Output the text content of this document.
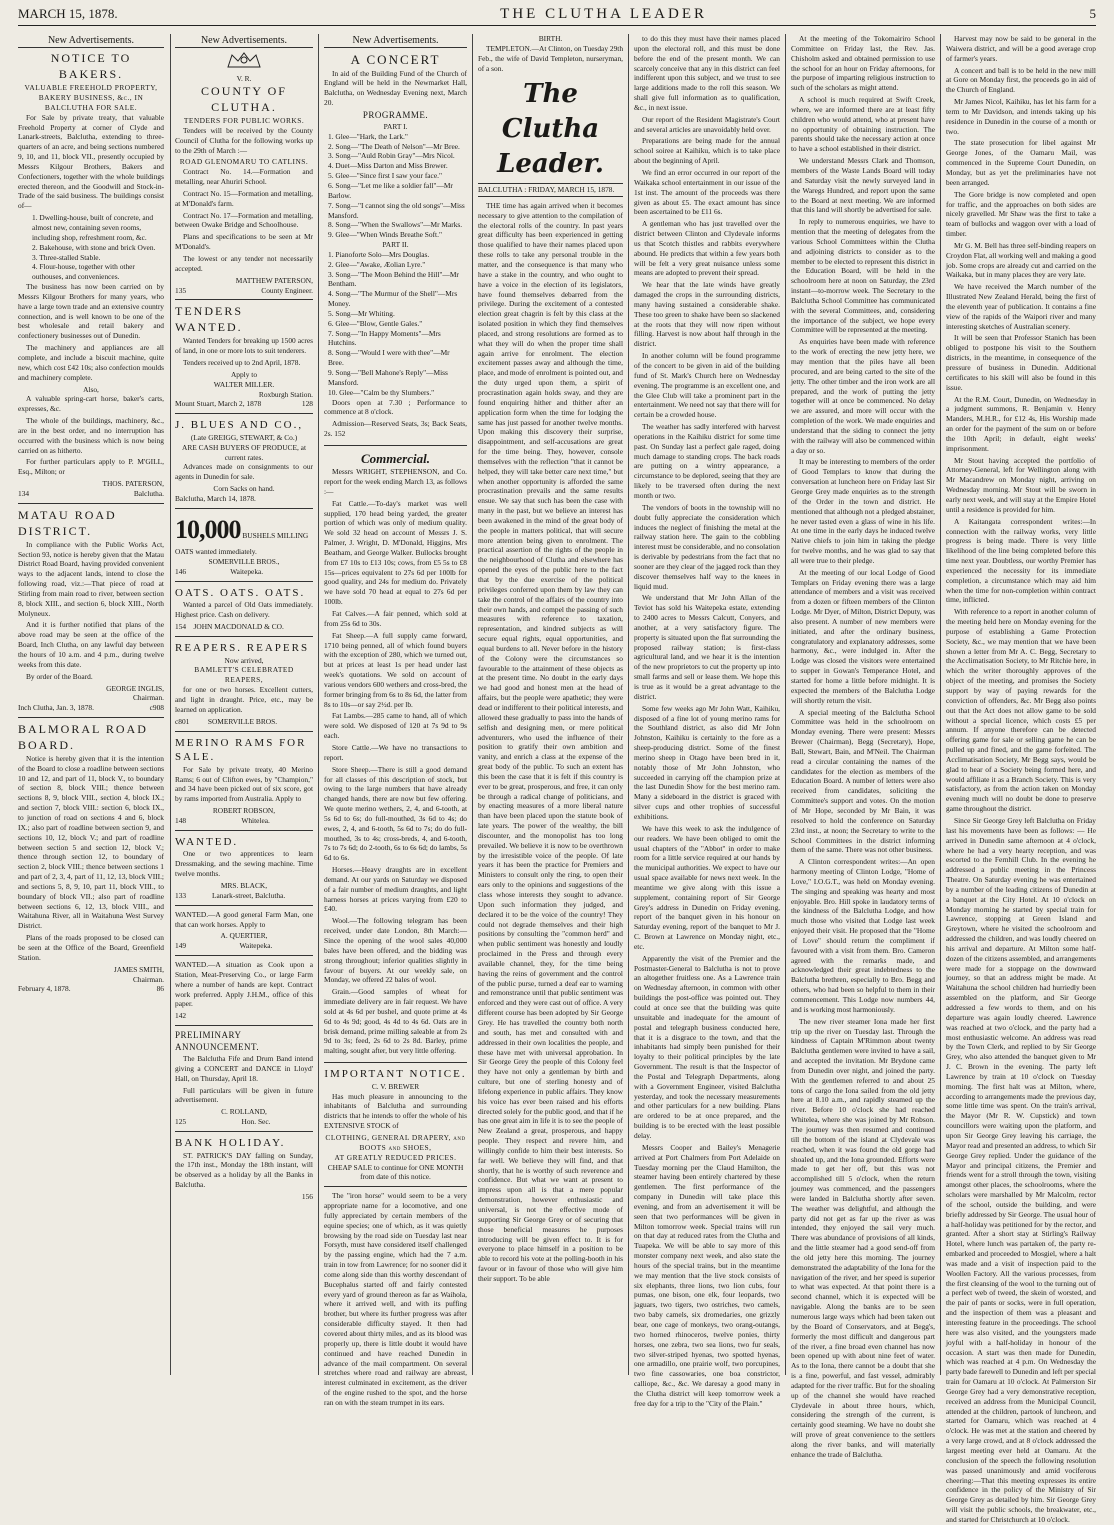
MARCH 15, 1878.	THE CLUTHA LEADER	5
New Advertisements.
NOTICE TO BAKERS.
VALUABLE FREEHOLD PROPERTY, BAKERY BUSINESS, &c., IN BALCLUTHA FOR SALE.

For Sale by private treaty, that valuable Freehold Property at corner of Clyde and Lanark-streets, Balclutha, extending to three-quarters of an acre, and being sections numbered 9, 10, and 11, block VII., presently occupied by Messrs Kilgour Brothers, Bakers and Confectioners, together with the whole buildings erected thereon, and the Goodwill and Stock-in-Trade of the said business. The buildings consist of—

1. Dwelling-house, built of concrete, and almost new, containing seven rooms, including shop, refreshment room, &c.
2. Bakehouse, with stone and brick Oven.
3. Three-stalled Stable.
4. Flour-house, together with other outhouses, and conveniences.

The business has now been carried on by Messrs Kilgour Brothers for many years, who have a large town trade and an extensive country connection, and is well known to be one of the best wholesale and retail bakery and confectionery businesses out of Dunedin.

The machinery and appliances are all complete, and include a biscuit machine, quite new, which cost £42 10s; also confection moulds and machinery complete.

Also,

A valuable spring-cart horse, baker's carts, expresses, &c.

The whole of the buildings, machinery, &c., are in the best order, and no interruption has occurred with the business which is now being carried on as hitherto.

For further particulars apply to P. M'GILL, Esq., Milton; or

THOS. PATERSON,
134	Balclutha.
MATAU ROAD DISTRICT.

In compliance with the Public Works Act, Section 93, notice is hereby given that the Matau District Road Board, having provided convenient ways to the adjacent lands, intend to close the following road, viz.:—That piece of road at Stirling from main road to river, between section 8, block XIII., and section 6, block XIII., North Molyneux.

And it is further notified that plans of the above road may be seen at the office of the Board, Inch Clutha, on any lawful day between the hours of 10 a.m. and 4 p.m., during twelve weeks from this date.

By order of the Board.

GEORGE INGLIS,
Chairman.
Inch Clutha, Jan. 3, 1878.	c908
BALMORAL ROAD BOARD.

Notice is hereby given that it is the intention of the Board to close a roadline between sections 10 and 12, and part of 11, block V., to boundary of section 8, block VIII.; thence between sections 8, 9, block VIII., section 4, block IX.; and section 7, block VIII.: section 6, block IX., to junction of road on sections 4 and 6, block IX.; also part of roadline between section 9, and sections 10, 12, block V.; and part of roadline between section 5 and section 12, block V.; thence through section 12, to boundary of section 2, block VIII.; thence between sections 1 and part of 2, 3, 4, part of 11, 12, 13, block VIII.; and sections 5, 8, 9, 10, part 11, block VIII., to boundary of block VII.; also part of roadline between sections 6, 12, 13, block VIII., and Waitahuna River, all in Waitahuna West Survey District.

Plans of the roads proposed to be closed can be seen at the Office of the Board, Greenfield Station.

JAMES SMITH,
Chairman.
February 4, 1878.	86
New Advertisements.
V. R.
COUNTY OF CLUTHA.
TENDERS FOR PUBLIC WORKS.

Tenders will be received by the County Council of Clutha for the following works up to the 29th of March :—

ROAD GLENOMARU TO CATLINS.

Contract No. 14.—Formation and metalling, near Ahuriri School.

Contract No. 15—Formation and metalling, at M'Donald's farm.

Contract No. 17—Formation and metalling, between Owake Bridge and Schoolhouse.

Plans and specifications to be seen at Mr M'Donald's.

The lowest or any tender not necessarily accepted.

MATTHEW PATERSON,
135	County Engineer.
TENDERS WANTED.

Wanted Tenders for breaking up 1500 acres of land, in one or more lots to suit tenderers.

Tenders received up to 2nd April, 1878.

Apply to
WALTER MILLER.
Roxburgh Station.
Mount Stuart, March 2, 1878	128
J. BLUES AND CO.,
(Late GREIGG, STEWART, & Co.)
ARE CASH BUYERS OF PRODUCE, at current rates.

Advances made on consignments to our agents in Dunedin for sale.

Corn Sacks on hand.
Balclutha, March 14, 1878.
10,000 BUSHELS MILLING
OATS wanted immediately.
SOMERVILLE BROS.,
146                        Waitepeka.
OATS. OATS. OATS.

Wanted a parcel of Old Oats immediately. Highest price. Cash on delivery.

154    JOHN MACDONALD & CO.
REAPERS. REAPERS
Now arrived,
BAMLETT'S CELEBRATED REAPERS,

for one or two horses. Excellent cutters, and light in draught. Price, etc., may be learned on application.

c801          SOMERVILLE BROS.
MERINO RAMS FOR SALE.

For Sale by private treaty, 40 Merino Rams; 6 out of Clifton ewes, by "Champion," and 34 have been picked out of six score, got by rams imported from Australia. Apply to

ROBERT ROBSON,
148                              Whitelea.
WANTED.

One or two apprentices to learn Dressmaking, and the sewing machine. Time twelve months.

MRS. BLACK,
133              Lanark-street, Balclutha.

WANTED.—A good general Farm Man, one that can work horses. Apply to

A. QUERTIER,
149                             Waitepeka.

WANTED.—A situation as Cook upon a Station, Meat-Preserving Co., or large Farm where a number of hands are kept. Contract work preferred. Apply J.H.M., office of this paper.

142
PRELIMINARY ANNOUNCEMENT.

The Balclutha Fife and Drum Band intend giving a CONCERT and DANCE in Lloyd' Hall, on Thursday, April 18.

Full particulars will be given in future advertisement.

C. ROLLAND,
125                              Hon. Sec.
BANK HOLIDAY.

ST. PATRICK'S DAY falling on Sunday, the 17th inst., Monday the 18th instant, will be observed as a holiday by all the Banks in Balclutha.

156
New Advertisements.
A CONCERT

In aid of the Building Fund of the Church of England will be held in the Newmarket Hall, Balclutha, on Wednesday Evening next, March 20.

PROGRAMME.
PART I.
1. Glee—"Hark, the Lark."
2. Song—"The Death of Nelson"—Mr Bree.
3. Song—"Auld Robin Gray"—Mrs Nicol.
4. Duet—Miss Darton and Miss Brewer.
5. Glee—"Since first I saw your face."
6. Song—"Let me like a soldier fall"—Mr Barlow.
7. Song—"I cannot sing the old songs"—Miss Mansford.
8. Song—"When the Swallows"—Mr Marks.
9. Glee—"When Winds Breathe Soft."
PART II.
1. Pianoforte Solo—Mrs Douglas.
2. Glee—"Awake, Æolian Lyre."
3. Song—"The Moon Behind the Hill"—Mr Bentham.
4. Song—"The Murmur of the Shell"—Mrs Money.
5. Song—Mr Whiting.
6. Glee—"Blow, Gentle Gales."
7. Song—"In Happy Moments"—Mrs Hutchins.
8. Song—"Would I were with thee"—Mr Bree.
9. Song—"Bell Mahone's Reply"—Miss Mansford.
10. Glee—"Calm be thy Slumbers."

Doors open at 7.30 ; Performance to commence at 8 o'clock.

Admission—Reserved Seats, 3s; Back Seats, 2s. 152

Commercial.

Messrs WRIGHT, STEPHENSON, and Co. report for the week ending March 13, as follows :—

Fat Cattle.—To-day's market was well supplied, 170 head being yarded, the greater portion of which was only of medium quality. We sold 32 head on account of Messrs J. S. Palmer, J. Wright, D. M'Donald, Higgins, Mrs Beatham, and George Walker. Bullocks brought from £7 10s to £13 10s; cows, from £5 5s to £8 15s—prices equivalent to 27s 6d per 100lb for good quality, and 24s for medium do. Privately we have sold 70 head at equal to 27s 6d per 100lb.

Fat Calves.—A fair penned, which sold at from 25s 6d to 30s.

Fat Sheep.—A full supply came forward, 1710 being penned, all of which found buyers with the exception of 280, which we turned out, but at prices at least 1s per head under last week's quotations. We sold on account of various vendors 600 wethers and cross-bred, the former bringing from 6s to 8s 6d, the latter from 8s to 10s—or say 2½d. per lb.

Fat Lambs.—285 came to hand, all of which were sold. We disposed of 120 at 7s 9d to 9s each.

Store Cattle.—We have no transactions to report.

Store Sheep.—There is still a good demand for all classes of this description of stock, but owing to the large numbers that have already changed hands, there are now but few offering. We quote merino wethers, 2, 4, and 6-tooth, at 5s 6d to 6s; do full-mouthed, 3s 6d to 4s; do ewes, 2, 4, and 6-tooth, 5s 6d to 7s; do do full-mouthed, 3s to 4s; cross-breds, 4, and 6-tooth, 7s to 7s 6d; do 2-tooth, 6s to 6s 6d; do lambs, 5s 6d to 6s.

Horses.—Heavy draughts are in excellent demand. At our yards on Saturday we disposed of a fair number of medium draughts, and light harness horses at prices varying from £20 to £40.

Wool.—The following telegram has been received, under date London, 8th March:—Since the opening of the wool sales 40,000 bales have been offered, and the bidding was strong throughout; inferior qualities slightly in favour of buyers. At our weekly sale, on Monday, we offered 22 bales of wool.

Grain.—Good samples of wheat for immediate delivery are in fair request. We have sold at 4s 6d per bushel, and quote prime at 4s 6d to 4s 9d; good, 4s 4d to 4s 6d. Oats are in brisk demand, prime milling saleable at from 2s 9d to 3s; feed, 2s 6d to 2s 8d. Barley, prime malting, sought after, but very little offering.

IMPORTANT NOTICE.
C. V. BREWER

Has much pleasure in announcing to the inhabitants of Balclutha and surrounding districts that he intends to offer the whole of his EXTENSIVE STOCK of

CLOTHING, GENERAL DRAPERY, and BOOTS and SHOES,
AT GREATLY REDUCED PRICES.
CHEAP SALE to continue for ONE MONTH from date of this notice.

The "iron horse" would seem to be a very appropriate name for a locomotive, and one fully appreciated by certain members of the equine species; one of which, as it was quietly browsing by the road side on Tuesday last near Forsyth, must have considered itself challenged by the passing engine, which had the 7 a.m. train in tow from Lawrence; for no sooner did it come along side than this worthy descendant of Bucephalus started off and fairly contested every yard of ground thereon as far as Waihola, where it arrived well, and with its puffing brother, but where its further progress was after considerable difficulty stayed. It then had covered about thirty miles, and as its blood was properly up, there is little doubt it would have continued and have reached Dunedin in advance of the mail compartment. On several stretches where road and railway are abreast, interest culminated in excitement, as the driver of the engine rushed to the spot, and the horse ran on with the steam trumpet in its ears.

BIRTH.

TEMPLETON.—At Clinton, on Tuesday 29th Feb., the wife of David Templeton, nurseryman, of a son.

The Clutha Leader.
BALCLUTHA : FRIDAY, MARCH 15, 1878.

THE time has again arrived when it becomes necessary to give attention to the compilation of the electoral rolls of the country. In past years great difficulty has been experienced in getting those qualified to have their names placed upon these rolls to take any personal trouble in the matter, and the consequence is that many who have a stake in the country, and who ought to have a voice in the election of its legislators, have found themselves debarred from the privilege. During the excitement of a contested election great chagrin is felt by this class at the isolated position in which they find themselves placed, and strong resolutions are formed as to what they will do when the proper time shall again arrive for enrolment. The election excitement passes away and although the time, place, and mode of enrolment is pointed out, and the duty urged upon them, a spirit of procrastination again holds sway, and they are found enquiring hither and thither after an application form when the time for lodging the same has just passed for another twelve months. Upon making this discovery their surprise, disappointment, and self-accusations are great for the time being. They, however, console themselves with the reflection "that it cannot be helped, they will take better care next time," but when another opportunity is afforded the same procrastination prevails and the same results ensue. We say that such has been the case with many in the past, but we believe an interest has been awakened in the mind of the great body of the people in matters political, that will secure more attention being given to enrolment. The practical assertion of the rights of the people in the neighbourhood of Clutha and elsewhere has opened the eyes of the public here to the fact that by the due exercise of the political privileges conferred upon them by law they can take the control of the affairs of the country into their own hands, and compel the passing of such measures with reference to taxation, representation, and kindred subjects as will secure equal rights, equal opportunities, and equal burdens to all. Never before in the history of the Colony were the circumstances so favourable to the attainment of these objects as at the present time. No doubt in the early days we had good and honest men at the head of affairs, but the people were apathetic; they were dead or indifferent to their political interests, and allowed these gradually to pass into the hands of selfish and designing men, or mere political adventurers, who used the influence of their position to gratify their own ambition and vanity, and enrich a class at the expense of the great body of the public. To such an extent has this been the case that it is felt if this country is ever to be great, prosperous, and free, it can only be through a radical change of politicians, and by enacting measures of a more liberal nature than have been placed upon the statute book of late years. The power of the wealthy, the bill discounter, and the monopolist has too long prevailed. We believe it is now to be overthrown by the irresistible voice of the people. Of late years it has been the practice for Premiers and Ministers to consult only the ring, to open their ears only to the opinions and suggestions of the class whose interests they sought to advance. Upon such information they judged, and declared it to be the voice of the country! They could not degrade themselves and their high positions by consulting the "common herd" and when public sentiment was honestly and loudly proclaimed in the Press and through every available channel, they, for the time being having the reins of government and the control of the public purse, turned a deaf ear to warning and remonstrance until that public sentiment was enforced and they were cast out of office. A very different course has been adopted by Sir George Grey. He has travelled the country both north and south, has met and consulted with and addressed in their own localities the people, and these have met with universal approbation. In Sir George Grey the people of this Colony feel they have not only a gentleman by birth and culture, but one of sterling honesty and of lifelong experience in public affairs. They know his voice has ever been raised and his efforts directed solely for the public good, and that if he has one great aim in life it is to see the people of New Zealand a great, prosperous, and happy people. They respect and revere him, and willingly confide to him their best interests. So far well. We believe they will find, and that shortly, that he is worthy of such reverence and confidence. But what we want at present to impress upon all is that a mere popular demonstration, however enthusiastic and universal, is not the effective mode of supporting Sir George Grey or of securing that those beneficial measures he purposes introducing will be given effect to. It is for everyone to place himself in a position to be able to record his vote at the polling-booth in his favour or in favour of those who will give him their support. To be able

to do this they must have their names placed upon the electoral roll, and this must be done before the end of the present month. We can scarcely conceive that any in this district can feel indifferent upon this subject, and we trust to see large additions made to the roll this season. We shall give full information as to qualification, &c., in next issue.

Our report of the Resident Magistrate's Court and several articles are unavoidably held over.

Preparations are being made for the annual school soiree at Kaihiku, which is to take place about the beginning of April.

We find an error occurred in our report of the Waikaka school entertainment in our issue of the 1st inst. The amount of the proceeds was there given as about £5. The exact amount has since been ascertained to be £11 6s.

A gentleman who has just travelled over the district between Clinton and Clydevale informs us that Scotch thistles and rabbits everywhere abound. He predicts that within a few years both will be felt a very great nuisance unless some means are adopted to prevent their spread.

We hear that the late winds have greatly damaged the crops in the surrounding districts, many having sustained a considerable shake. These too green to shake have been so slackened at the roots that they will now ripen without filling. Harvest is now about half through in the district.

In another column will be found programme of the concert to be given in aid of the building fund of St. Mark's Church here on Wednesday evening. The programme is an excellent one, and the Glee Club will take a prominent part in the entertainment. We need not say that there will for certain be a crowded house.

The weather has sadly interfered with harvest operations in the Kaihiku district for some time past. On Sunday last a perfect gale raged, doing much damage to standing crops. The back roads are putting on a wintry appearance, a circumstance to be deplored, seeing that they are likely to be traversed often during the next month or two.

The vendors of boots in the township will no doubt fully appreciate the consideration which induces the neglect of finishing the metal at the railway station here. The gain to the cobbling interest must be considerable, and no consolation is derivable by pedestrians from the fact that no sooner are they clear of the jagged rock than they discover themselves half way to the knees in liquid mud.

We understand that Mr John Allan of the Teviot has sold his Waitepeka estate, extending to 2400 acres to Messrs Calcutt, Conyers, and another, at a very satisfactory figure. The property is situated upon the flat surrounding the proposed railway station; is first-class agricultural land, and we hear it is the intention of the new proprietors to cut the property up into small farms and sell or lease them. We hope this is true as it would be a great advantage to the district.

Some few weeks ago Mr John Watt, Kaihiku, disposed of a fine lot of young merino rams for the Southland district, as also did Mr John Johnston, Kaihiku is certainly to the fore as a sheep-producing district. Some of the finest merino sheep in Otago have been bred in it, notably those of Mr John Johnston, who succeeded in carrying off the champion prize at the last Dunedin Show for the best merino ram. Many a sideboard in the district is graced with silver cups and other trophies of successful exhibitions.

We have this week to ask the indulgence of our readers. We have been obliged to omit the usual chapters of the "Abbot" in order to make room for a little service required at our hands by the municipal authorities. We expect to have our usual space available for news next week. In the meantime we give along with this issue a supplement, containing report of Sir George Grey's address in Dunedin on Friday evening, report of the banquet given in his honour on Saturday evening, report of the banquet to Mr J. C. Brown at Lawrence on Monday night, etc., etc.

Apparently the visit of the Premier and the Postmaster-General to Balclutha is not to prove an altogether fruitless one. As a Lawrence train on Wednesday afternoon, in common with other buildings the post-office was pointed out. They could at once see that the building was quite unsuitable and inadequate for the amount of postal and telegraph business conducted here, that it is a disgrace to the town, and that the inhabitants had simply been punished for their loyalty to their political principles by the late Government. The result is that the Inspector of the Postal and Telegraph Departments, along with a Government Engineer, visited Balclutha yesterday, and took the necessary measurements and other particulars for a new building. Plans are ordered to be at once prepared, and the building is to be erected with the least possible delay.

Messrs Cooper and Bailey's Menagerie arrived at Port Chalmers from Port Adelaide on Tuesday morning per the Claud Hamilton, the steamer having been entirely chartered by these gentlemen. The first performance of the company in Dunedin will take place this evening, and from an advertisement it will be seen that two performances will be given in Milton tomorrow week. Special trains will run on that day at reduced rates from the Clutha and Tuapeka. We will be able to say more of this monster company next week, and also state the hours of the special trains, but in the meantime we may mention that the live stock consists of six elephants, three lions, two lion cubs, four pumas, one bison, one elk, four leopards, two jaguars, two tigers, two ostriches, two camels, two baby camels, six dromedaries, one grizzly bear, one cage of monkeys, two orang-outangs, two horned rhinoceros, twelve ponies, thirty horses, one zebra, two sea lions, two fur seals, two silver-striped hyenas, two spotted hyenas, one armadillo, one prairie wolf, two porcupines, two fine cassowaries, one boa constrictor, calliope, &c., &c. We daresay a good many in the Clutha district will keep tomorrow week a free day for a trip to the "City of the Plain."

At the meeting of the Tokomairiro School Committee on Friday last, the Rev. Jas. Chisholm asked and obtained permission to use the school for an hour on Friday afternoons, for the purpose of imparting religious instruction to such of the scholars as might attend.

A school is much required at Swift Creek, where, we are informed there are at least fifty children who would attend, who at present have no opportunity of obtaining instruction. The parents should take the necessary action at once to have a school established in their district.

We understand Messrs Clark and Thomson, members of the Waste Lands Board will today and Saturday visit the newly surveyed land in the Waregs Hundred, and report upon the same to the Board at next meeting. We are informed that this land will shortly be advertised for sale.

In reply to numerous enquiries, we have to mention that the meeting of delegates from the various School Committees within the Clutha and adjoining districts to consider as to the member to be elected to represent this district in the Education Board, will be held in the schoolroom here at noon on Saturday, the 23rd instant—to-morrow week. The Secretary to the Balclutha School Committee has communicated with the several Committees, and, considering the importance of the subject, we hope every Committee will be represented at the meeting.

As enquiries have been made with reference to the work of erecting the new jetty here, we may mention that the piles have all been procured, and are being carted to the site of the jetty. The other timber and the iron work are all prepared, and the work of putting the jetty together will at once be commenced. No delay we are assured, and more will occur with the completion of the work. We made enquiries and understand that the siding to connect the jetty with the railway will also be commenced within a day or so.

It may be interesting to members of the order of Good Templars to know that during the conversation at luncheon here on Friday last Sir George Grey made enquiries as to the strength of the Order in the town and district. He mentioned that although not a pledged abstainer, he never tasted even a glass of wine in his life. At one time in the early days he induced twelve Native chiefs to join him in taking the pledge for twelve months, and he was glad to say that all were true to their pledge.

At the meeting of our local Lodge of Good Templars on Friday evening there was a large attendance of members and a visit was received from a dozen or fifteen members of the Clinton Lodge. Mr Dyer, of Milton, District Deputy, was also present. A number of new members were initiated, and after the ordinary business, congratulatory and explanatory addresses, some harmony, &c., were indulged in. After the Lodge was closed the visitors were entertained to supper in Gowan's Temperance Hotel, and started for home a little before midnight. It is expected the members of the Balclutha Lodge will shortly return the visit.

A special meeting of the Balclutha School Committee was held in the schoolroom on Monday evening. There were present: Messrs Brewer (Chairman), Begg (Secretary), Hope, Ball, Stewart, Bain, and M'Neil. The Chairman read a circular containing the names of the candidates for the election as members of the Education Board. A number of letters were also received from candidates, soliciting the Committee's support and votes. On the motion of Mr Hope, seconded by Mr Bain, it was resolved to hold the conference on Saturday 23rd inst., at noon; the Secretary to write to the School Committees in the district informing them of the same. There was not other business.

A Clinton correspondent writes:—An open harmony meeting of Clinton Lodge, "Home of Love," I.O.G.T., was held on Monday evening. The singing and speaking was hearty and most enjoyable. Bro. Hill spoke in laudatory terms of the kindness of the Balclutha Lodge, and how much those who visited that Lodge last week enjoyed their visit. He proposed that the "Home of Love" should return the compliment if favoured with a visit from them. Bro. Cameron agreed with the remarks made, and acknowledged their great indebtedness to the Balclutha brethren, especially to Bro. Begg and others, who had been so helpful to them in their commencement. This Lodge now numbers 44, and is working most harmoniously.

The new river steamer Iona made her first trip up the river on Tuesday last. Through the kindness of Captain M'Rimmon about twenty Balclutha gentlemen were invited to have a sail, and accepted the invitation. Mr Brydone came from Dunedin over night, and joined the party. With the gentlemen referred to and about 25 tons of cargo the Iona sailed from the old jetty here at 8.10 a.m., and rapidly steamed up the river. Before 10 o'clock she had reached Whitelea, where she was joined by Mr Robson. The journey was then resumed and continued till the bottom of the island at Clydevale was reached, when it was found the old gorge had shoaled up, and the Iona grounded. Efforts were made to get her off, but this was not accomplished till 5 o'clock, when the return journey was commenced, and the passengers were landed in Balclutha shortly after seven. The weather was delightful, and although the party did not get as far up the river as was intended, they enjoyed the sail very much. There was abundance of provisions of all kinds, and the little steamer had a good send-off from the old jetty here this morning. The journey demonstrated the adaptability of the Iona for the navigation of the river, and her speed is superior to what was expected. At that point there is a second channel, which it is expected will be navigable. Along the banks are to be seen numerous large ways which had been taken out by the Board of Conservators, and at Begg's, formerly the most difficult and dangerous part of the river, a fine broad even channel has now been opened up with about nine feet of water. As to the Iona, there cannot be a doubt that she is a fine, powerful, and fast vessel, admirably adapted for the river traffic. But for the shoaling up of the channel she would have reached Clydevale in about three hours, which, considering the strength of the current, is certainly good steaming. We have no doubt she will prove of great convenience to the settlers along the river banks, and will materially enhance the trade of Balclutha.

Harvest may now be said to be general in the Waiwera district, and will be a good average crop of farmer's years.

A concert and ball is to be held in the new mill at Gore on Monday first, the proceeds go in aid of the Church of England.

Mr James Nicol, Kaihiku, has let his farm for a term to Mr Davidson, and intends taking up his residence in Dunedin in the course of a month or two.

The state prosecution for libel against Mr George Jones, of the Oamaru Mail, was commenced in the Supreme Court Dunedin, on Monday, but as yet the preliminaries have not been arranged.

The Gore bridge is now completed and open for traffic, and the approaches on both sides are nicely gravelled. Mr Shaw was the first to take a team of bullocks and waggon over with a load of timber.

Mr G. M. Bell has three self-binding reapers on Croydon Flat, all working well and making a good job. Some crops are already cut and carried on the Waikaka, but in many places they are very late.

We have received the March number of the Illustrated New Zealand Herald, being the first of the eleventh year of publication. It contains a fine view of the rapids of the Waipori river and many interesting sketches of Australian scenery.

It will be seen that Professor Stanich has been obliged to postpone his visit to the Southern districts, in the meantime, in consequence of the pressure of business in Dunedin. Additional certificates to his skill will also be found in this issue.

At the R.M. Court, Dunedin, on Wednesday in a judgment summons, R. Benjamin v. Henry Manders, M.H.R., for £12 4s, His Worship made an order for the payment of the sum on or before the 10th April; in default, eight weeks' imprisonment.

Mr Stout having accepted the portfolio of Attorney-General, left for Wellington along with Mr Macandrew on Monday night, arriving on Wednesday morning. Mr Stout will be sworn in early next week, and will stay at the Empire Hotel until a residence is provided for him.

A Kaitangata correspondent writes:—In connection with the railway works, very little progress is being made. There is very little likelihood of the line being completed before this time next year. Doubtless, our worthy Premier has experienced the necessity for its immediate completion, a circumstance which may aid him when the time for non-completion within contract time, inflicted.

With reference to a report in another column of the meeting held here on Monday evening for the purpose of establishing a Game Protection Society, &c., we may mention that we have been shown a letter from Mr A. C. Begg, Secretary to the Acclimatisation Society, to Mr Ritchie here, in which the writer thoroughly approves of the object of the meeting, and promises the Society support by way of paying rewards for the conviction of offenders, &c. Mr Begg also points out that the Act does not allow game to be sold without a special licence, which costs £5 per annum. If anyone therefore can be detected offering game for sale or selling game he can be pulled up and fined, and the game forfeited. The Acclimatisation Society, Mr Begg says, would be glad to hear of a Society being formed here, and would affiliate it as a Branch Society. This is very satisfactory, as from the action taken on Monday evening much will no doubt be done to preserve game throughout the district.

Since Sir George Grey left Balclutha on Friday last his movements have been as follows: — He arrived in Dunedin same afternoon at 4 o'clock, where he had a very hearty reception, and was escorted to the Fernhill Club. In the evening he addressed a public meeting in the Princess Theatre. On Saturday evening he was entertained by a number of the leading citizens of Dunedin at a banquet at the City Hotel. At 10 o'clock on Monday morning he started by special train for Lawrence, stopping at Green Island and Greytown, where he visited the schoolroom and addressed the children, and was loudly cheered on his arrival and departure. At Milton some half-dozen of the citizens assembled, and arrangements were made for a stoppage on the downward journey, so that an address might be made. At Waitahuna the school children had hurriedly been assembled on the platform, and Sir George addressed a few words to them, and on his departure was again loudly cheered. Lawrence was reached at two o'clock, and the party had a most enthusiastic welcome. An address was read by the Town Clerk, and replied to by Sir George Grey, who also attended the banquet given to Mr J. C. Brown in the evening. The party left Lawrence by train at 10 o'clock on Tuesday morning. The first halt was at Milton, where, according to arrangements made the previous day, some little time was spent. On the train's arrival, the Mayor (Mr R. W. Cupstick) and town councillors were waiting upon the platform, and upon Sir George Grey leaving his carriage, the Mayor read and presented an address, to which Sir George Grey replied. Under the guidance of the Mayor and principal citizens, the Premier and friends went for a stroll through the town, visiting amongst other places, the schoolrooms, where the scholars were marshalled by Mr Malcolm, rector of the school, outside the building, and were briefly addressed by Sir George. The usual hour of a half-holiday was petitioned for by the rector, and granted. After a short stay at Stirling's Railway Hotel, where lunch was partaken of, the party re-embarked and proceeded to Mosgiel, where a halt was made and a visit of inspection paid to the Woollen Factory. All the various processes, from the first cleansing of the wool to the turning out of a perfect web of tweed, the skein of worsted, and the pair of pants or socks, were in full operation, and the inspection of them was a pleasant and interesting feature in the proceedings. The school here was also visited, and the youngsters made joyful with a half-holiday in honour of the occasion. A start was then made for Dunedin, which was reached at 4 p.m. On Wednesday the party bade farewell to Dunedin and left per special train for Oamaru at 10 o'clock. At Palmerston Sir George Grey had a very demonstrative reception, received an address from the Municipal Council, attended at the children, partook of luncheon, and started for Oamaru, which was reached at 4 o'clock. He was met at the station and cheered by a very large crowd, and at 8 o'clock addressed the largest meeting ever held at Oamaru. At the conclusion of the speech the following resolution was passed unanimously and amid vociferous cheering:—That this meeting expresses its entire confidence in the policy of the Ministry of Sir George Grey as detailed by him. Sir George Grey will visit the public schools, the breakwater, etc., and started for Christchurch at 10 o'clock.
